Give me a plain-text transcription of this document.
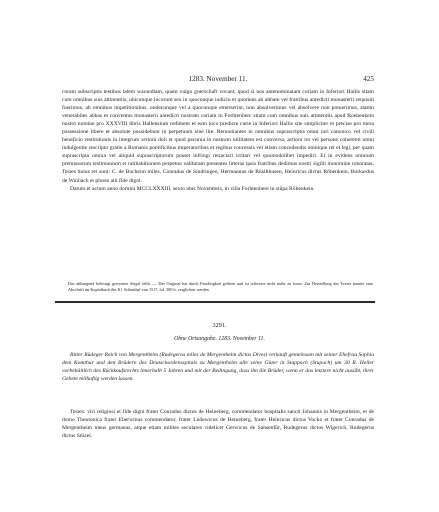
1283. November 11.	425

coram subscriptis testibus talem warandiam, quam vulgo guerschaft vocant, quod si nos antenominatam curiam in Inferiori Hallis sitam cum omnibus suis attinentiis, ubicunque locorum seu in quocunque iudicio et quotiens ab abbate vel fratribus antedicti monasterii requisiti fuerimus, ab omnibus impetitionibus, undecunque vel a quocunque emerserint, non absolverimus vel absolvere non potuerimus, statim venerabiles abbas et conventus monasterii antedicti nostram curiam in Forhtenberc sitam cum omnibus suis attinentiis apud Roehenkein nostro nomine pro XXXVIII libris Hallensium rediment et eam loco predicte curie in Inferiori Hallis site simpliciter et precise pro mera possessione libere et absolute possidebunt in perpetuum sine lite. Renuntiantes in omnibus suprascriptis omni iuri canonico vel civili beneficio restitutionis in integrum actioni doli et quod pecunia in nostram utilitatem est conversa, actioni rei vel persone coherenti omni indulgentie rescripto gratie a Romanis pontificibus imperatoribus et regibus concessis vel etiam concedendis omnique rei et legi, per quam suprascripta omnia vel aliquid suprascriptorum posset infringi retractari irritari vel quomodolibet impediri. Et in evidens omnium premissorum testimonium et ratihabitionem perpetuo valituram presentes litteras ipsis fratribus dedimus nostri sigilli munimine roboratas. Testes huius rei sunt: C. de Bucheim miles, Conradus de Sindringen, Hermannus de Rûsilthusen, Heinricus dictus Rôbenkein, Burkardus de Winbach et plures alii fide digni.

Datum et actum anno domini MCCLXXXIII, sexto idus Novembris, in villa Forhtenbere in stûpa Rôbenkein.

Das abhangend befestigt gewesene Siegel fehlt. — Das Original hat durch Feuchtigkeit gelitten und ist teilweise nicht mehr zu lesen. Zur Herstellung des Textes konnte eine Abschrift im Kopialbuch des Kl. Schönthal von 1517, fol. 380 b, verglichen werden.

3291.
Ohne Ortsangabe. 1283. November 11.

Ritter Rüdeger Reich von Mergentheim (Rudegerus miles de Mergentheim dictus Dives) verkauft gemeinsam mit seiner Ehefrau Sophia dem Komthur und den Brüdern des Deutschordensspitals zu Mergentheim alle seine Güter in Stuppach (Stupach) um 30 R. Heller vorbehältlich des Rückkaufsrechts innerhalb 5 Jahren und mit der Bedingung, dass ihn die Brüder, wenn er das letztere nicht ausübt, ihrer Gebete teilhaftig werden lassen.

Testes: viri religiosi et fide digni frater Conradus dictus de Heineberg, commendator hospitalis sancti Johannis in Mergentheim, et de domo Theutonica frater Eberwinus commendator, frater Ludewicus de Heineberg, frater Heinricus dictus Vocko et frater Conradus de Mergentheim meus germanus, atque etiam milites seculares videlicet Gerwicus de Sahsenfûr, Rudegerus dictus Wigerich, Rudegerus dictus Stûzel.
